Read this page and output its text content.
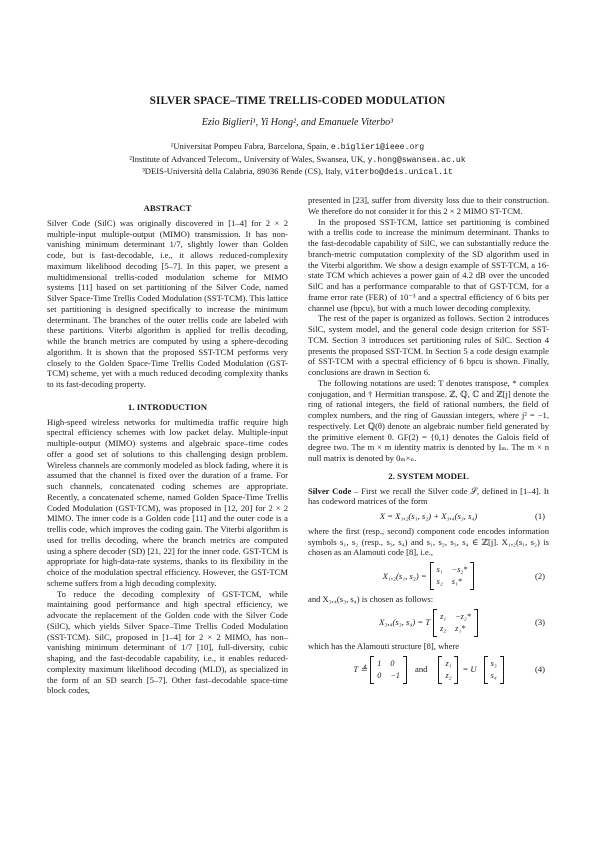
SILVER SPACE–TIME TRELLIS-CODED MODULATION
Ezio Biglieri¹, Yi Hong², and Emanuele Viterbo³
¹Universitat Pompeu Fabra, Barcelona, Spain, e.biglieri@ieee.org
²Institute of Advanced Telecom., University of Wales, Swansea, UK, y.hong@swansea.ac.uk
³DEIS-Università della Calabria, 89036 Rende (CS), Italy, viterbo@deis.unical.it
ABSTRACT

Silver Code (SilC) was originally discovered in [1–4] for 2 × 2 multiple-input multiple-output (MIMO) transmission. It has non-vanishing minimum determinant 1/7, slightly lower than Golden code, but is fast-decodable, i.e., it allows reduced-complexity maximum likelihood decoding [5–7]. In this paper, we present a multidimensional trellis-coded modulation scheme for MIMO systems [11] based on set partitioning of the Silver Code, named Silver Space-Time Trellis Coded Modulation (SST-TCM). This lattice set partitioning is designed specifically to increase the minimum determinant. The branches of the outer trellis code are labeled with these partitions. Viterbi algorithm is applied for trellis decoding, while the branch metrics are computed by using a sphere-decoding algorithm. It is shown that the proposed SST-TCM performs very closely to the Golden Space-Time Trellis Coded Modulation (GST-TCM) scheme, yet with a much reduced decoding complexity thanks to its fast-decoding property.

1. INTRODUCTION

High-speed wireless networks for multimedia traffic require high spectral efficiency schemes with low packet delay. Multiple-input multiple-output (MIMO) systems and algebraic space–time codes offer a good set of solutions to this challenging design problem. Wireless channels are commonly modeled as block fading, where it is assumed that the channel is fixed over the duration of a frame. For such channels, concatenated coding schemes are appropriate. Recently, a concatenated scheme, named Golden Space-Time Trellis Coded Modulation (GST-TCM), was proposed in [12, 20] for 2 × 2 MIMO. The inner code is a Golden code [11] and the outer code is a trellis code, which improves the coding gain. The Viterbi algorithm is used for trellis decoding, where the branch metrics are computed using a sphere decoder (SD) [21, 22] for the inner code. GST-TCM is appropriate for high-data-rate systems, thanks to its flexibility in the choice of the modulation spectral efficiency. However, the GST-TCM scheme suffers from a high decoding complexity.

To reduce the decoding complexity of GST-TCM, while maintaining good performance and high spectral efficiency, we advocate the replacement of the Golden code with the Silver Code (SilC), which yields Silver Space–Time Trellis Coded Modulation (SST-TCM). SilC, proposed in [1–4] for 2 × 2 MIMO, has non–vanishing minimum determinant of 1/7 [10], full-diversity, cubic shaping, and the fast-decodable capability, i.e., it enables reduced-complexity maximum likelihood decoding (MLD), as specialized in the form of an SD search [5–7]. Other fast–decodable space-time block codes,

presented in [23], suffer from diversity loss due to their construction. We therefore do not consider it for this 2 × 2 MIMO ST-TCM.

In the proposed SST-TCM, lattice set partitioning is combined with a trellis code to increase the minimum determinant. Thanks to the fast-decodable capability of SilC, we can substantially reduce the branch-metric computation complexity of the SD algorithm used in the Viterbi algorithm. We show a design example of SST-TCM, a 16-state TCM which achieves a power gain of 4.2 dB over the uncoded SilC and has a performance comparable to that of GST-TCM, for a frame error rate (FER) of 10⁻³ and a spectral efficiency of 6 bits per channel use (bpcu), but with a much lower decoding complexity.

The rest of the paper is organized as follows. Section 2 introduces SilC, system model, and the general code design criterion for SST-TCM. Section 3 introduces set partitioning rules of SilC. Section 4 presents the proposed SST-TCM. In Section 5 a code design example of SST-TCM with a spectral efficiency of 6 bpcu is shown. Finally, conclusions are drawn in Section 6.

The following notations are used: T denotes transpose, * complex conjugation, and † Hermitian transpose. ℤ, ℚ, ℂ and ℤ[j] denote the ring of rational integers, the field of rational numbers, the field of complex numbers, and the ring of Gaussian integers, where j² = −1, respectively. Let ℚ(θ) denote an algebraic number field generated by the primitive element θ. GF(2) = {0,1} denotes the Galois field of degree two. The m × m identity matrix is denoted by Iₘ. The m × n null matrix is denoted by 0ₘ×ₙ.

2. SYSTEM MODEL

Silver Code – First we recall the Silver code 𝒮, defined in [1–4]. It has codeword matrices of the form

X = X₁,₂(s₁, s₂) + X₃,₄(s₃, s₄)	(1)

where the first (resp., second) component code encodes information symbols s₁, s₂ (resp., s₃, s₄) and s₁, s₂, s₃, s₄ ∈ ℤ[j]. X₁,₂(s₁, s₂) is chosen as an Alamouti code [8], i.e.,

X₁,₂(s₁, s₂) =
s₁ −s₂*
s₂ s₁*
(2)

and X₃,₄(s₃, s₄) is chosen as follows:

X₃,₄(s₃, s₄) = T
z₁ −z₂*
z₂ z₁*
(3)

which has the Alamouti structure [8], where

T ≜
1 0
0 −1
and
z₁
z₂
= U
s₃
s₄
(4)
